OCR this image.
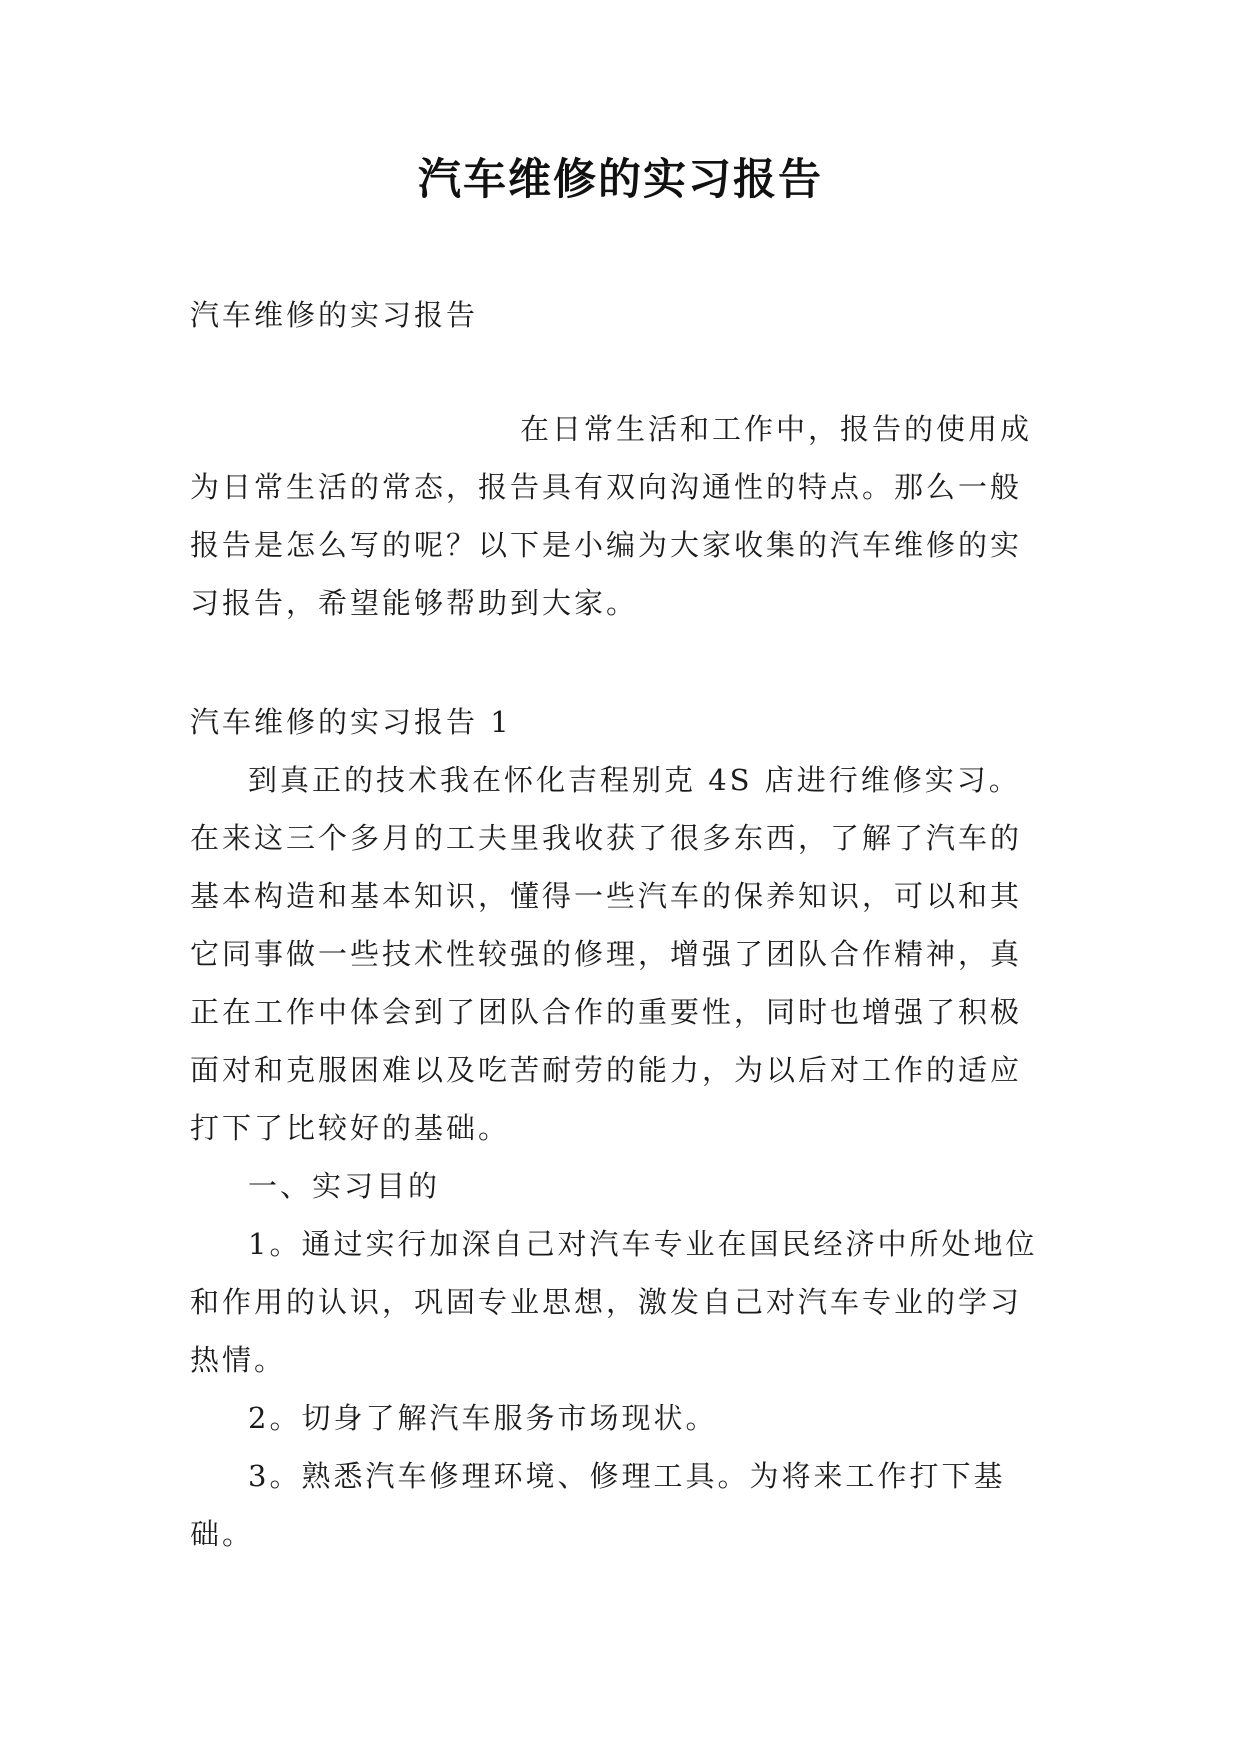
汽车维修的实习报告
汽车维修的实习报告
在日常生活和工作中，报告的使用成为日常生活的常态，报告具有双向沟通性的特点。那么一般报告是怎么写的呢？以下是小编为大家收集的汽车维修的实习报告，希望能够帮助到大家。

汽车维修的实习报告 1

到真正的技术我在怀化吉程别克 4S 店进行维修实习。在来这三个多月的工夫里我收获了很多东西，了解了汽车的基本构造和基本知识，懂得一些汽车的保养知识，可以和其它同事做一些技术性较强的修理，增强了团队合作精神，真正在工作中体会到了团队合作的重要性，同时也增强了积极面对和克服困难以及吃苦耐劳的能力，为以后对工作的适应打下了比较好的基础。

一、实习目的

1。通过实行加深自己对汽车专业在国民经济中所处地位和作用的认识，巩固专业思想，激发自己对汽车专业的学习热情。

2。切身了解汽车服务市场现状。

3。熟悉汽车修理环境、修理工具。为将来工作打下基础。
